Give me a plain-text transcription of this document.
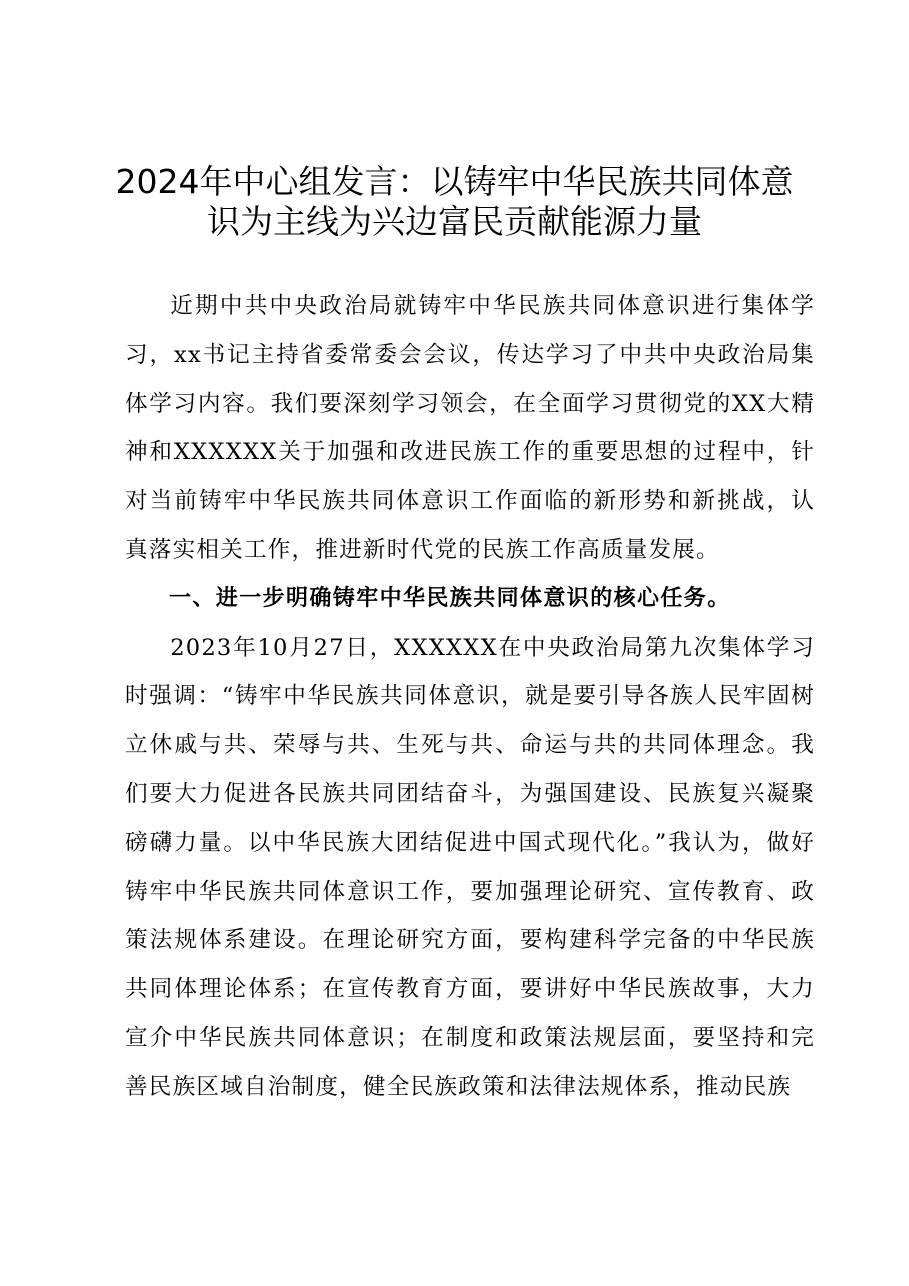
2024年中心组发言：以铸牢中华民族共同体意识为主线为兴边富民贡献能源力量

近期中共中央政治局就铸牢中华民族共同体意识进行集体学习，xx书记主持省委常委会会议，传达学习了中共中央政治局集体学习内容。我们要深刻学习领会，在全面学习贯彻党的XX大精神和XXXXXX关于加强和改进民族工作的重要思想的过程中，针对当前铸牢中华民族共同体意识工作面临的新形势和新挑战，认真落实相关工作，推进新时代党的民族工作高质量发展。

一、进一步明确铸牢中华民族共同体意识的核心任务。

2023年10月27日，XXXXXX在中央政治局第九次集体学习时强调：“铸牢中华民族共同体意识，就是要引导各族人民牢固树立休戚与共、荣辱与共、生死与共、命运与共的共同体理念。我们要大力促进各民族共同团结奋斗，为强国建设、民族复兴凝聚磅礴力量。以中华民族大团结促进中国式现代化。”我认为，做好铸牢中华民族共同体意识工作，要加强理论研究、宣传教育、政策法规体系建设。在理论研究方面，要构建科学完备的中华民族共同体理论体系；在宣传教育方面，要讲好中华民族故事，大力宣介中华民族共同体意识；在制度和政策法规层面，要坚持和完善民族区域自治制度，健全民族政策和法律法规体系，推动民族
